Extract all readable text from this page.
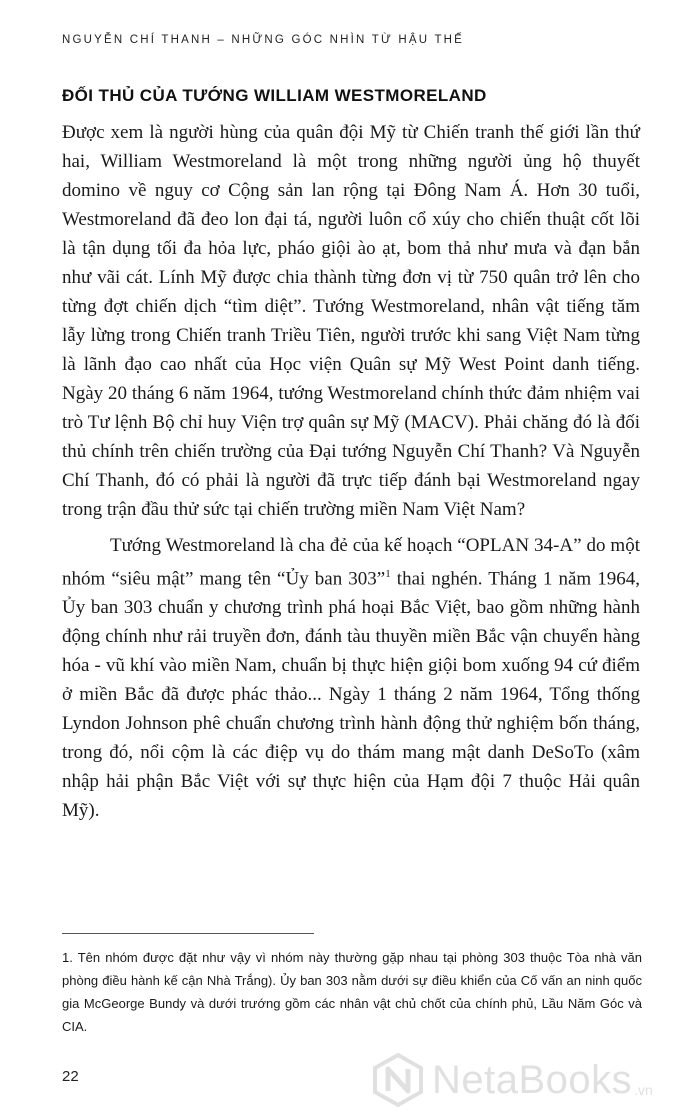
NGUYỄN CHÍ THANH – NHỮNG GÓC NHÌN TỪ HẬU THẾ
ĐỐI THỦ CỦA TƯỚNG WILLIAM WESTMORELAND

Được xem là người hùng của quân đội Mỹ từ Chiến tranh thế giới lần thứ hai, William Westmoreland là một trong những người ủng hộ thuyết domino về nguy cơ Cộng sản lan rộng tại Đông Nam Á. Hơn 30 tuổi, Westmoreland đã đeo lon đại tá, người luôn cổ xúy cho chiến thuật cốt lõi là tận dụng tối đa hỏa lực, pháo giội ào ạt, bom thả như mưa và đạn bắn như vãi cát. Lính Mỹ được chia thành từng đơn vị từ 750 quân trở lên cho từng đợt chiến dịch “tìm diệt”. Tướng Westmoreland, nhân vật tiếng tăm lẫy lừng trong Chiến tranh Triều Tiên, người trước khi sang Việt Nam từng là lãnh đạo cao nhất của Học viện Quân sự Mỹ West Point danh tiếng. Ngày 20 tháng 6 năm 1964, tướng Westmoreland chính thức đảm nhiệm vai trò Tư lệnh Bộ chỉ huy Viện trợ quân sự Mỹ (MACV). Phải chăng đó là đối thủ chính trên chiến trường của Đại tướng Nguyễn Chí Thanh? Và Nguyễn Chí Thanh, đó có phải là người đã trực tiếp đánh bại Westmoreland ngay trong trận đầu thử sức tại chiến trường miền Nam Việt Nam?

Tướng Westmoreland là cha đẻ của kế hoạch “OPLAN 34-A” do một nhóm “siêu mật” mang tên “Ủy ban 303”$^1$ thai nghén. Tháng 1 năm 1964, Ủy ban 303 chuẩn y chương trình phá hoại Bắc Việt, bao gồm những hành động chính như rải truyền đơn, đánh tàu thuyền miền Bắc vận chuyển hàng hóa - vũ khí vào miền Nam, chuẩn bị thực hiện giội bom xuống 94 cứ điểm ở miền Bắc đã được phác thảo... Ngày 1 tháng 2 năm 1964, Tổng thống Lyndon Johnson phê chuẩn chương trình hành động thử nghiệm bốn tháng, trong đó, nổi cộm là các điệp vụ do thám mang mật danh DeSoTo (xâm nhập hải phận Bắc Việt với sự thực hiện của Hạm đội 7 thuộc Hải quân Mỹ).

1. Tên nhóm được đặt như vậy vì nhóm này thường gặp nhau tại phòng 303 thuộc Tòa nhà văn phòng điều hành kế cận Nhà Trắng). Ủy ban 303 nằm dưới sự điều khiển của Cố vấn an ninh quốc gia McGeorge Bundy và dưới trướng gồm các nhân vật chủ chốt của chính phủ, Lầu Năm Góc và CIA.
22	NetaBooks .vn
